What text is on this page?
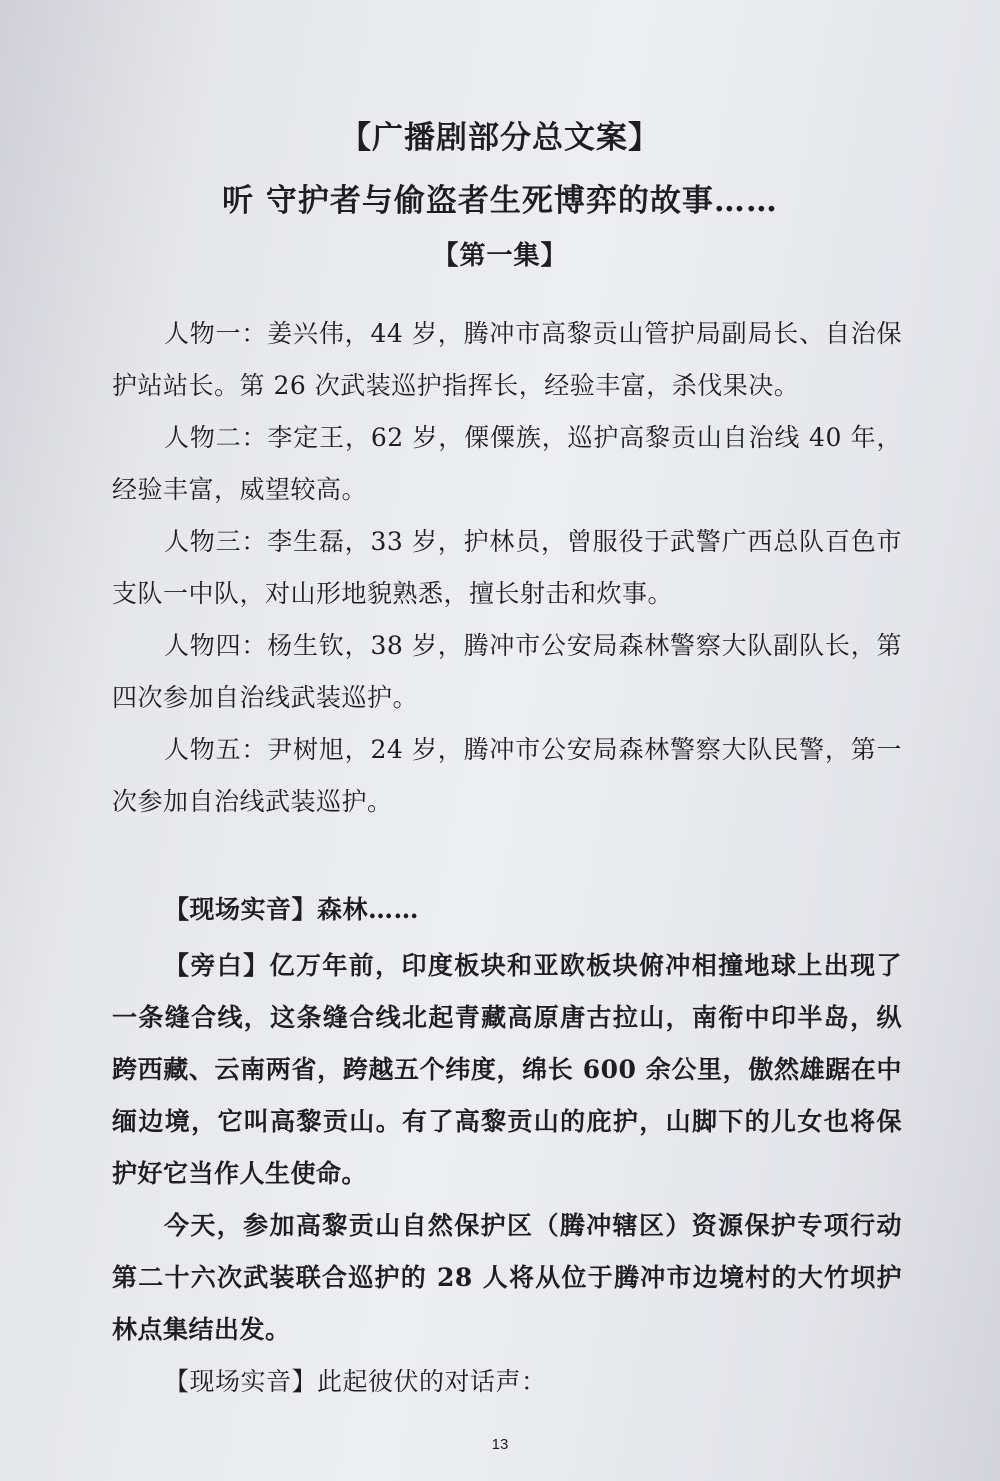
【广播剧部分总文案】
听 守护者与偷盗者生死博弈的故事……
【第一集】

人物一：姜兴伟，44 岁，腾冲市高黎贡山管护局副局长、自治保护站站长。第 26 次武装巡护指挥长，经验丰富，杀伐果决。

人物二：李定王，62 岁，傈僳族，巡护高黎贡山自治线 40 年，经验丰富，威望较高。

人物三：李生磊，33 岁，护林员，曾服役于武警广西总队百色市支队一中队，对山形地貌熟悉，擅长射击和炊事。

人物四：杨生钦，38 岁，腾冲市公安局森林警察大队副队长，第四次参加自治线武装巡护。

人物五：尹树旭，24 岁，腾冲市公安局森林警察大队民警，第一次参加自治线武装巡护。

【现场实音】森林……

【旁白】亿万年前，印度板块和亚欧板块俯冲相撞地球上出现了一条缝合线，这条缝合线北起青藏高原唐古拉山，南衔中印半岛，纵跨西藏、云南两省，跨越五个纬度，绵长 600 余公里，傲然雄踞在中缅边境，它叫高黎贡山。有了高黎贡山的庇护，山脚下的儿女也将保护好它当作人生使命。

今天，参加高黎贡山自然保护区（腾冲辖区）资源保护专项行动第二十六次武装联合巡护的 28 人将从位于腾冲市边境村的大竹坝护林点集结出发。

【现场实音】此起彼伏的对话声：

13
